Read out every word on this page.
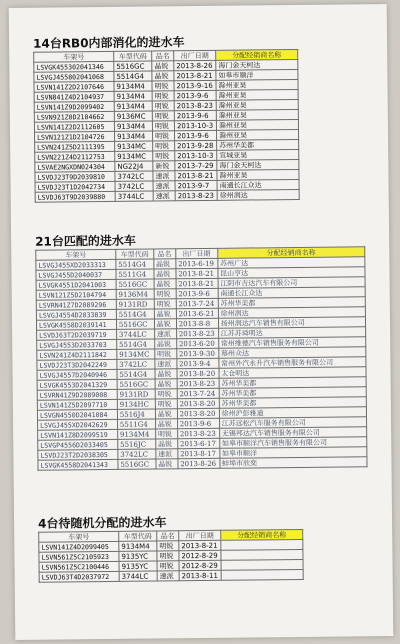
14台RB0内部消化的进水车
车架号	车型代码	品名	出厂日期	分配经销商名称
LSVGK455302041346	5516GC	晶锐	2013-8-26	海门金天柯达
LSVGJ455802041068	5514G4	晶锐	2013-8-21	如皋市顺洋
LSVN141Z2D2107646	9134M4	明锐	2013-9-16	滁州亚昊
LSVN841Z4D2104937	9134M4	明锐	2013-9-6	滁州亚昊
LSVN141Z9D2099402	9134M4	明锐	2013-8-23	滁州亚昊
LSVN921Z0D2104662	9136MC	明锐	2013-9-6	滁州亚昊
LSVN141Z2D2112605	9134M4	明锐	2013-10-3	滁州亚昊
LSVN121Z1D2104726	9134M4	明锐	2013-9-6	滁州亚昊
LSVN241Z5D2111395	9134MC	明锐	2013-9-28	苏州华美都
LSVN221Z4D2112753	9134MC	明锐	2013-10-3	宣城亚昊
LSVAE2NGXDN024304	NG22J4	新锐	2013-7-29	海门金天柯达
LSVDJ23T9D2039810	3742LC	速派	2013-8-21	滁州亚昊
LSVDJ23T1D2042734	3742LC	速派	2013-9-7	南通长江众达
LSVDJ63T9D2039880	3744LC	速派	2013-8-23	徐州润达
21台匹配的进水车
车架号	车型代码	品名	出厂日期	分配经销商名称
LSVGJ455XD2033313	5514G4	晶锐	2013-6-19	苏州广达
LSVGJ455D2040037	5511G4	晶锐	2013-8-21	昆山亨达
LSVGK4551D2041003	5516GC	晶锐	2013-8-21	江阴市吉达汽车有限公司
LSVN121Z5D2104794	9136M4	明锐	2013-9-6	南通长江众达
LSVRN41Z7D2089296	9131RD	明锐	2013-7-24	苏州华美都
LSVGJ4554D2033839	5514G4	晶锐	2013-6-21	徐州润达
LSVGK4558D2039141	5516GC	晶锐	2013-8-8	扬州润达汽车销售有限公司
LSVDJ63T2D2039719	3744LC	速派	2013-8-23	江苏苏舜明达
LSVGJ4553D2033703	5514G4	晶锐	2013-6-20	常州维德汽车销售服务有限公司
LSVN241Z4D2111842	9134MC	明锐	2013-9-30	慕州众达
LSVDJ23T3D2042249	3742LC	速派	2013-9-4	常州外汽永升汽车销售服务有限公司
LSVGJ4557D2040946	5514G4	晶锐	2013-8-20	太仓明达
LSVGK4553D2041329	5516GC	晶锐	2013-8-23	苏州华美都
LSVRN41Z9D2089008	9131RD	明锐	2013-7-24	苏州华美都
LSVN141Z5D2097710	9134HC	明锐	2013-8-20	苏州华美都
LSVGN4550D2041084	5516J4	晶锐	2013-8-20	徐州沪彭雅迪
LSVGJ455XD2042629	5511G4	晶锐	2013-9-6	江苏远松汽车服务有限公司
LSVN141Z8D2099519	9134M4	明锐	2013-8-23	无锡邦达汽车销售服务有限公司
LSVGP4556D2033405	5516JC	晶锐	2013-6-17	如皋市顺洋汽车销售服务有限公司
LSVDJ23T2D2038305	3742LC	速派	2013-8-17	如皋市顺洋
LSVGK4558D2041343	5516GC	晶锐	2013-8-26	蚌埠市欣奕
4台待随机分配的进水车
车架号	车型代码	品名	出厂日期	分配经销商名称
LSVN141Z4D2099405	9134M4	明锐	2013-8-21	
LSVN561Z5C2105923	9135YC	明锐	2012-8-29	
LSVN561Z5C2100446	9135YC	明锐	2012-8-29	
LSVDJ63T4D2037972	3744LC	速派	2013-8-11	
